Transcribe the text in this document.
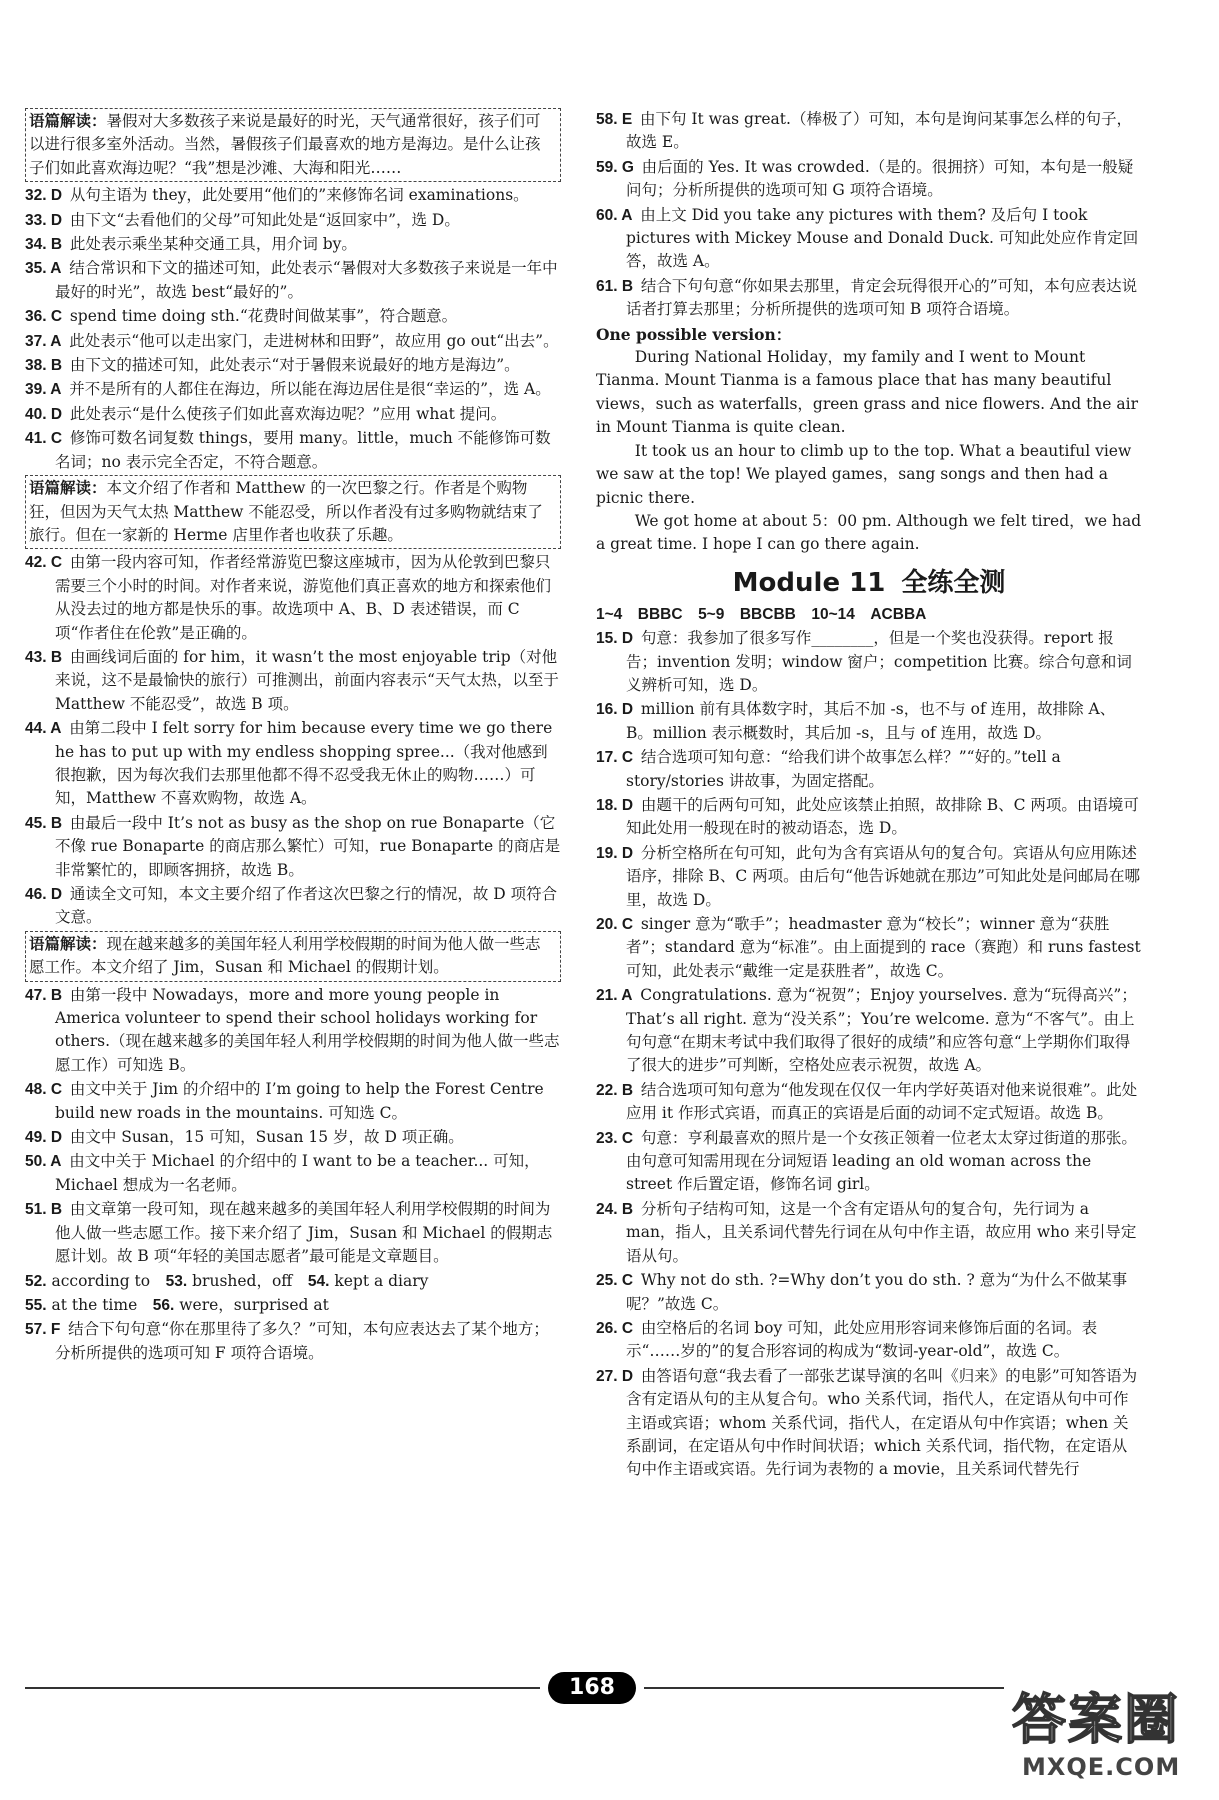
语篇解读：暑假对大多数孩子来说是最好的时光，天气通常很好，孩子们可以进行很多室外活动。当然，暑假孩子们最喜欢的地方是海边。是什么让孩子们如此喜欢海边呢？“我”想是沙滩、大海和阳光……

32. D  从句主语为 they，此处要用“他们的”来修饰名词 examinations。

33. D  由下文“去看他们的父母”可知此处是“返回家中”，选 D。

34. B  此处表示乘坐某种交通工具，用介词 by。

35. A  结合常识和下文的描述可知，此处表示“暑假对大多数孩子来说是一年中最好的时光”，故选 best“最好的”。

36. C  spend time doing sth.“花费时间做某事”，符合题意。

37. A  此处表示“他可以走出家门，走进树林和田野”，故应用 go out“出去”。

38. B  由下文的描述可知，此处表示“对于暑假来说最好的地方是海边”。

39. A  并不是所有的人都住在海边，所以能在海边居住是很“幸运的”，选 A。

40. D  此处表示“是什么使孩子们如此喜欢海边呢？”应用 what 提问。

41. C  修饰可数名词复数 things，要用 many。little，much 不能修饰可数名词；no 表示完全否定，不符合题意。

语篇解读：本文介绍了作者和 Matthew 的一次巴黎之行。作者是个购物狂，但因为天气太热 Matthew 不能忍受，所以作者没有过多购物就结束了旅行。但在一家新的 Herme 店里作者也收获了乐趣。

42. C  由第一段内容可知，作者经常游览巴黎这座城市，因为从伦敦到巴黎只需要三个小时的时间。对作者来说，游览他们真正喜欢的地方和探索他们从没去过的地方都是快乐的事。故选项中 A、B、D 表述错误，而 C 项“作者住在伦敦”是正确的。

43. B  由画线词后面的 for him，it wasn’t the most enjoyable trip（对他来说，这不是最愉快的旅行）可推测出，前面内容表示“天气太热，以至于 Matthew 不能忍受”，故选 B 项。

44. A  由第二段中 I felt sorry for him because every time we go there he has to put up with my endless shopping spree...（我对他感到很抱歉，因为每次我们去那里他都不得不忍受我无休止的购物……）可知，Matthew 不喜欢购物，故选 A。

45. B  由最后一段中 It’s not as busy as the shop on rue Bonaparte（它不像 rue Bonaparte 的商店那么繁忙）可知，rue Bonaparte 的商店是非常繁忙的，即顾客拥挤，故选 B。

46. D  通读全文可知，本文主要介绍了作者这次巴黎之行的情况，故 D 项符合文意。

语篇解读：现在越来越多的美国年轻人利用学校假期的时间为他人做一些志愿工作。本文介绍了 Jim，Susan 和 Michael 的假期计划。

47. B  由第一段中 Nowadays，more and more young people in America volunteer to spend their school holidays working for others.（现在越来越多的美国年轻人利用学校假期的时间为他人做一些志愿工作）可知选 B。

48. C  由文中关于 Jim 的介绍中的 I’m going to help the Forest Centre build new roads in the mountains. 可知选 C。

49. D  由文中 Susan，15 可知，Susan 15 岁，故 D 项正确。

50. A  由文中关于 Michael 的介绍中的 I want to be a teacher... 可知，Michael 想成为一名老师。

51. B  由文章第一段可知，现在越来越多的美国年轻人利用学校假期的时间为他人做一些志愿工作。接下来介绍了 Jim，Susan 和 Michael 的假期志愿计划。故 B 项“年轻的美国志愿者”最可能是文章题目。

52. according to  53. brushed，off  54. kept a diary

55. at the time  56. were，surprised at

57. F  结合下句句意“你在那里待了多久？”可知，本句应表达去了某个地方；分析所提供的选项可知 F 项符合语境。

58. E  由下句 It was great.（棒极了）可知，本句是询问某事怎么样的句子，故选 E。

59. G  由后面的 Yes. It was crowded.（是的。很拥挤）可知，本句是一般疑问句；分析所提供的选项可知 G 项符合语境。

60. A  由上文 Did you take any pictures with them? 及后句 I took pictures with Mickey Mouse and Donald Duck. 可知此处应作肯定回答，故选 A。

61. B  结合下句句意“你如果去那里，肯定会玩得很开心的”可知，本句应表达说话者打算去那里；分析所提供的选项可知 B 项符合语境。

One possible version：

During National Holiday，my family and I went to Mount Tianma. Mount Tianma is a famous place that has many beautiful views，such as waterfalls，green grass and nice flowers. And the air in Mount Tianma is quite clean.

It took us an hour to climb up to the top. What a beautiful view we saw at the top! We played games，sang songs and then had a picnic there.

We got home at about 5：00 pm. Although we felt tired，we had a great time. I hope I can go there again.

Module 11 全练全测

1~4　BBBC　5~9　BBCBB　10~14　ACBBA

15. D  句意：我参加了很多写作________，但是一个奖也没获得。report 报告；invention 发明；window 窗户；competition 比赛。综合句意和词义辨析可知，选 D。

16. D  million 前有具体数字时，其后不加 -s，也不与 of 连用，故排除 A、B。million 表示概数时，其后加 -s，且与 of 连用，故选 D。

17. C  结合选项可知句意：“给我们讲个故事怎么样？”“好的。”tell a story/stories 讲故事，为固定搭配。

18. D  由题干的后两句可知，此处应该禁止拍照，故排除 B、C 两项。由语境可知此处用一般现在时的被动语态，选 D。

19. D  分析空格所在句可知，此句为含有宾语从句的复合句。宾语从句应用陈述语序，排除 B、C 两项。由后句“他告诉她就在那边”可知此处是问邮局在哪里，故选 D。

20. C  singer 意为“歌手”；headmaster 意为“校长”；winner 意为“获胜者”；standard 意为“标准”。由上面提到的 race（赛跑）和 runs fastest 可知，此处表示“戴维一定是获胜者”，故选 C。

21. A  Congratulations. 意为“祝贺”；Enjoy yourselves. 意为“玩得高兴”；That’s all right. 意为“没关系”；You’re welcome. 意为“不客气”。由上句句意“在期末考试中我们取得了很好的成绩”和应答句意“上学期你们取得了很大的进步”可判断，空格处应表示祝贺，故选 A。

22. B  结合选项可知句意为“他发现在仅仅一年内学好英语对他来说很难”。此处应用 it 作形式宾语，而真正的宾语是后面的动词不定式短语。故选 B。

23. C  句意：亨利最喜欢的照片是一个女孩正领着一位老太太穿过街道的那张。由句意可知需用现在分词短语 leading an old woman across the street 作后置定语，修饰名词 girl。

24. B  分析句子结构可知，这是一个含有定语从句的复合句，先行词为 a man，指人，且关系词代替先行词在从句中作主语，故应用 who 来引导定语从句。

25. C  Why not do sth. ?=Why don’t you do sth. ? 意为“为什么不做某事呢？”故选 C。

26. C  由空格后的名词 boy 可知，此处应用形容词来修饰后面的名词。表示“……岁的”的复合形容词的构成为“数词-year-old”，故选 C。

27. D  由答语句意“我去看了一部张艺谋导演的名叫《归来》的电影”可知答语为含有定语从句的主从复合句。who 关系代词，指代人，在定语从句中可作主语或宾语；whom 关系代词，指代人，在定语从句中作宾语；when 关系副词，在定语从句中作时间状语；which 关系代词，指代物，在定语从句中作主语或宾语。先行词为表物的 a movie，且关系词代替先行

168
答案圈
MXQE.COM
